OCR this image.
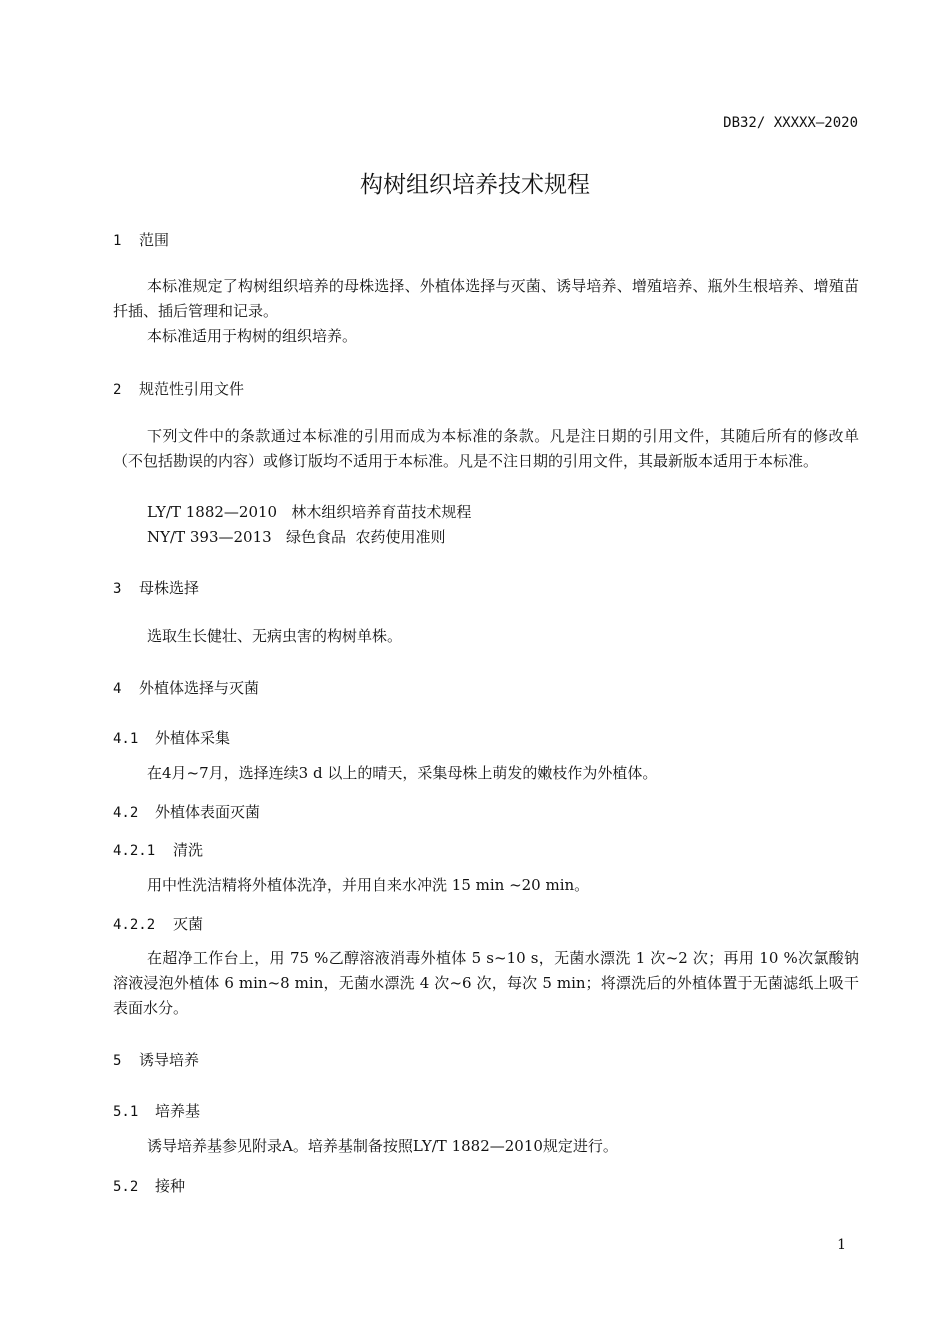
DB32/ XXXXX—2020
构树组织培养技术规程
1 范围
本标准规定了构树组织培养的母株选择、外植体选择与灭菌、诱导培养、增殖培养、瓶外生根培养、增殖苗扦插、插后管理和记录。
本标准适用于构树的组织培养。
2 规范性引用文件
下列文件中的条款通过本标准的引用而成为本标准的条款。凡是注日期的引用文件，其随后所有的修改单（不包括勘误的内容）或修订版均不适用于本标准。凡是不注日期的引用文件，其最新版本适用于本标准。
LY/T 1882—2010   林木组织培养育苗技术规程
NY/T 393—2013   绿色食品  农药使用准则
3 母株选择
选取生长健壮、无病虫害的构树单株。
4 外植体选择与灭菌
4.1 外植体采集
在4月~7月，选择连续3 d 以上的晴天，采集母株上萌发的嫩枝作为外植体。
4.2 外植体表面灭菌
4.2.1 清洗
用中性洗洁精将外植体洗净，并用自来水冲洗 15 min ~20 min。
4.2.2 灭菌
在超净工作台上，用 75 %乙醇溶液消毒外植体 5 s~10 s，无菌水漂洗 1 次~2 次；再用 10 %次氯酸钠溶液浸泡外植体 6 min~8 min，无菌水漂洗 4 次~6 次，每次 5 min；将漂洗后的外植体置于无菌滤纸上吸干表面水分。
5 诱导培养
5.1 培养基
诱导培养基参见附录A。培养基制备按照LY/T 1882—2010规定进行。
5.2 接种
1
